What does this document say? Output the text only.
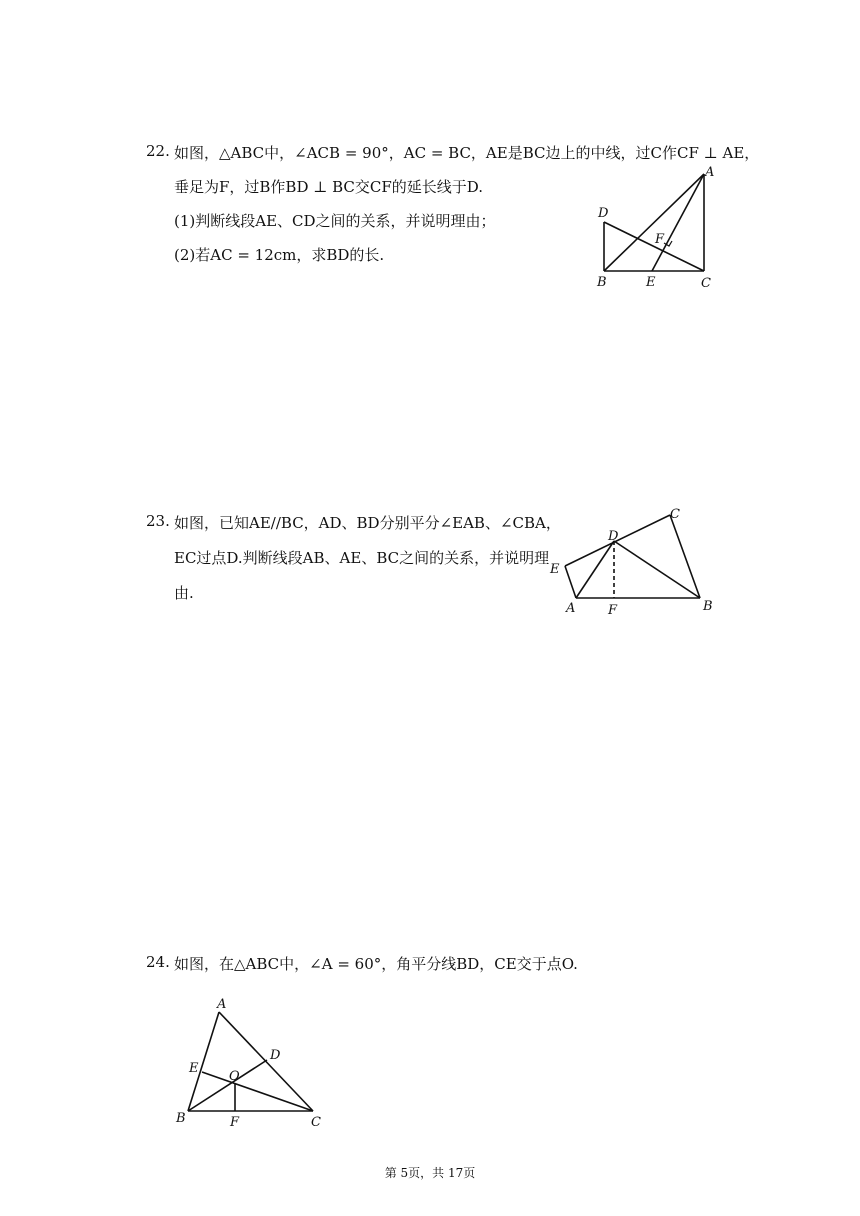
22. 如图，△ABC中，∠ACB = 90°，AC = BC，AE是BC边上的中线，过C作CF ⊥ AE，
垂足为F，过B作BD ⊥ BC交CF的延长线于D.
(1)判断线段AE、CD之间的关系，并说明理由；
(2)若AC = 12cm，求BD的长.
A
B	C
D
E
F
23. 如图，已知AE//BC，AD、BD分别平分∠EAB、∠CBA，
EC过点D.判断线段AB、AE、BC之间的关系，并说明理
由.
A	B
C
D
E
F
24. 如图，在△ABC中，∠A = 60°，角平分线BD，CE交于点O.
A
B	C
D
E
F
O
第 5页，共 17页
